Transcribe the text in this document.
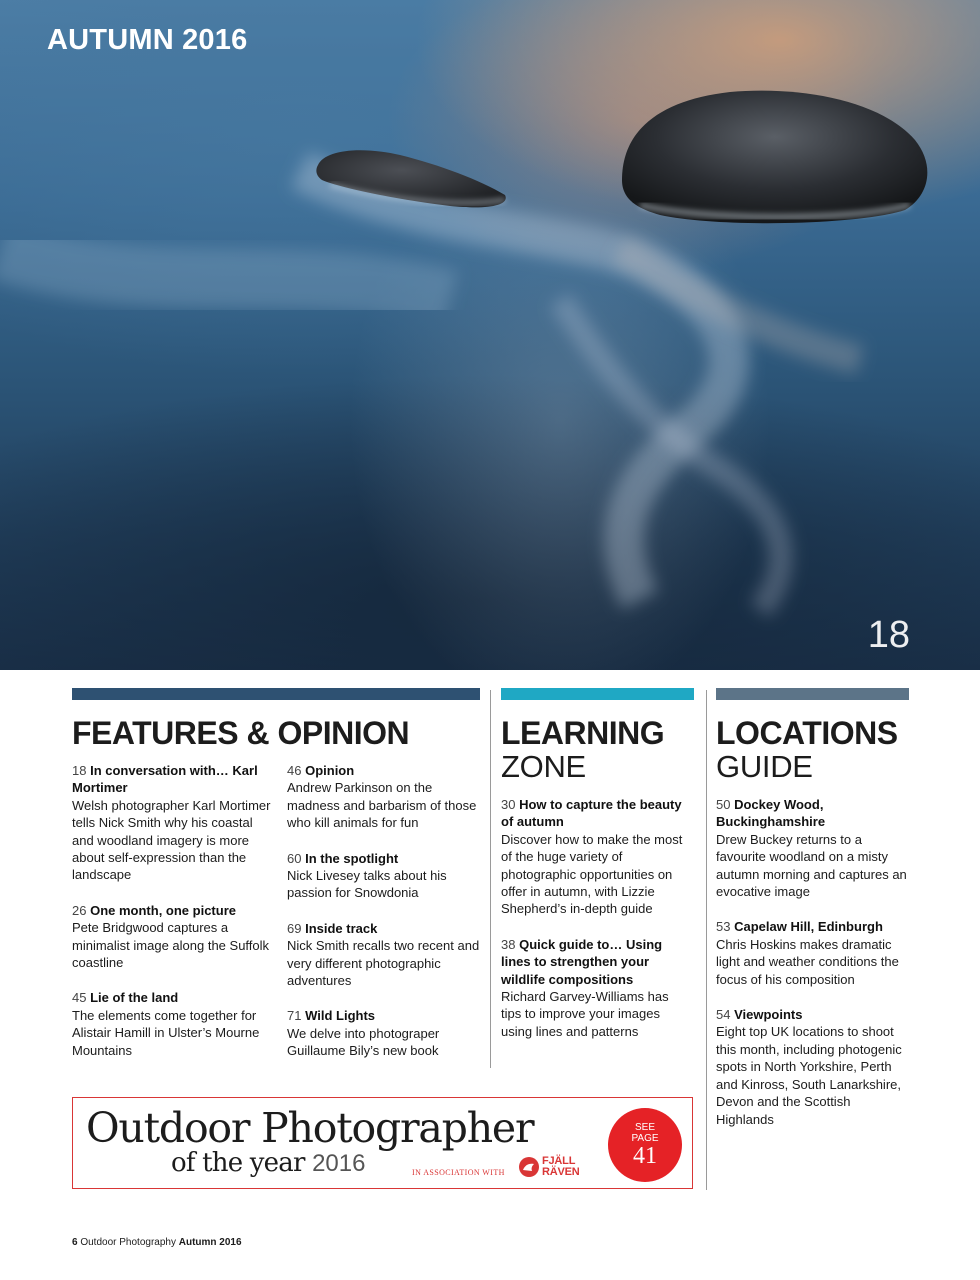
AUTUMN 2016
18
FEATURES & OPINION
18 In conversation with… Karl Mortimer
Welsh photographer Karl Mortimer tells Nick Smith why his coastal and woodland imagery is more about self-expression than the landscape
26 One month, one picture
Pete Bridgwood captures a minimalist image along the Suffolk coastline
45 Lie of the land
The elements come together for Alistair Hamill in Ulster’s Mourne Mountains
46 Opinion
Andrew Parkinson on the madness and barbarism of those who kill animals for fun
60 In the spotlight
Nick Livesey talks about his passion for Snowdonia
69 Inside track
Nick Smith recalls two recent and very different photographic adventures
71 Wild Lights
We delve into photograper Guillaume Bily’s new book
LEARNING
ZONE
30 How to capture the beauty of autumn
Discover how to make the most of the huge variety of photographic opportunities on offer in autumn, with Lizzie Shepherd’s in-depth guide
38 Quick guide to… Using lines to strengthen your wildlife compositions
Richard Garvey-Williams has tips to improve your images using lines and patterns
LOCATIONS
GUIDE
50 Dockey Wood, Buckinghamshire
Drew Buckey returns to a favourite woodland on a misty autumn morning and captures an evocative image
53 Capelaw Hill, Edinburgh
Chris Hoskins makes dramatic light and weather conditions the focus of his composition
54 Viewpoints
Eight top UK locations to shoot this month, including photogenic spots in North Yorkshire, Perth and Kinross, South Lanarkshire, Devon and the Scottish Highlands
Outdoor Photographer
of the year 2016	IN ASSOCIATION WITH
FJÄLL
RÄVEN
SEE
PAGE
41
6 Outdoor Photography Autumn 2016
